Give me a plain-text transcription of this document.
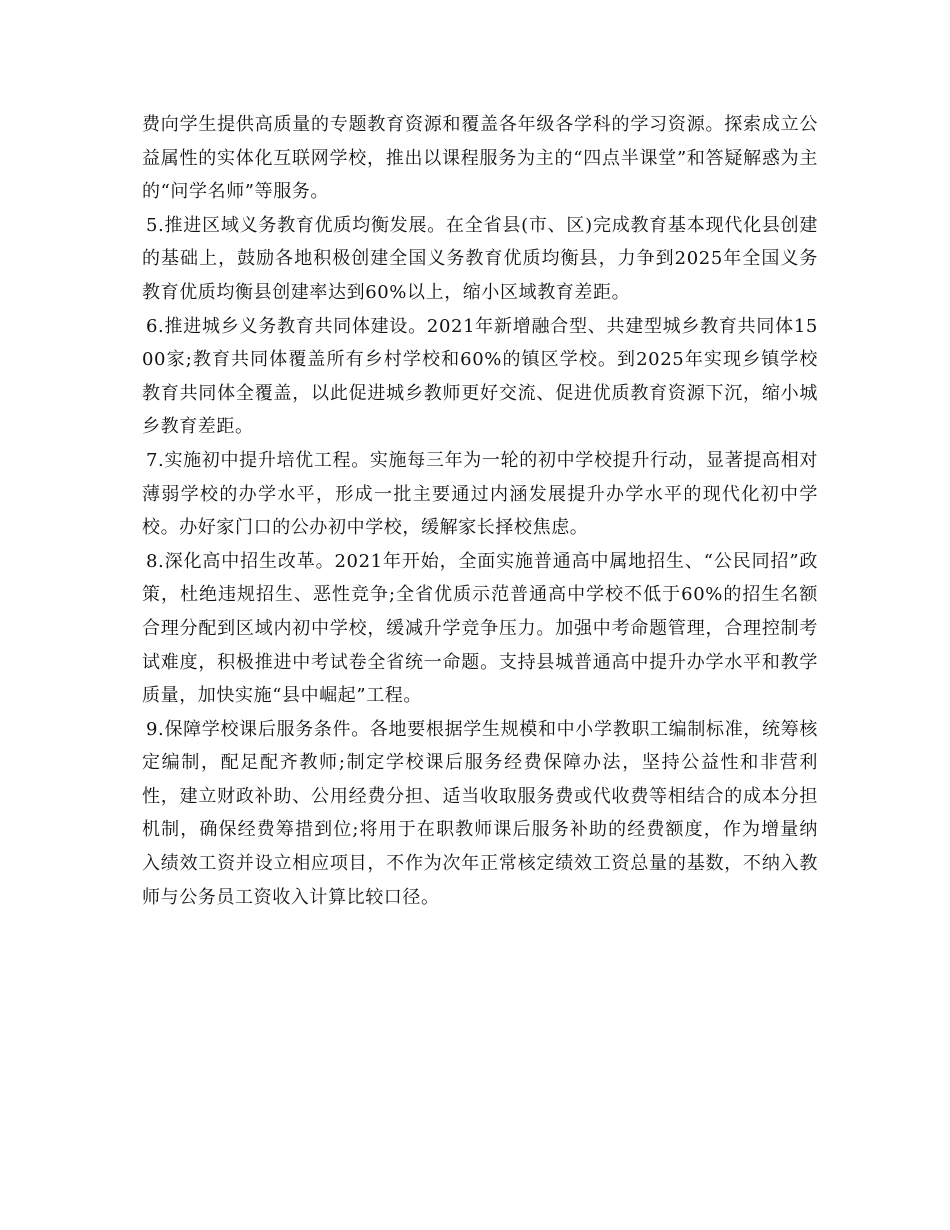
费向学生提供高质量的专题教育资源和覆盖各年级各学科的学习资源。探索成立公益属性的实体化互联网学校，推出以课程服务为主的“四点半课堂”和答疑解惑为主的“问学名师”等服务。

5.推进区域义务教育优质均衡发展。在全省县(市、区)完成教育基本现代化县创建的基础上，鼓励各地积极创建全国义务教育优质均衡县，力争到2025年全国义务教育优质均衡县创建率达到60%以上，缩小区域教育差距。

6.推进城乡义务教育共同体建设。2021年新增融合型、共建型城乡教育共同体1500家;教育共同体覆盖所有乡村学校和60%的镇区学校。到2025年实现乡镇学校教育共同体全覆盖，以此促进城乡教师更好交流、促进优质教育资源下沉，缩小城乡教育差距。

7.实施初中提升培优工程。实施每三年为一轮的初中学校提升行动，显著提高相对薄弱学校的办学水平，形成一批主要通过内涵发展提升办学水平的现代化初中学校。办好家门口的公办初中学校，缓解家长择校焦虑。

8.深化高中招生改革。2021年开始，全面实施普通高中属地招生、“公民同招”政策，杜绝违规招生、恶性竞争;全省优质示范普通高中学校不低于60%的招生名额合理分配到区域内初中学校，缓减升学竞争压力。加强中考命题管理，合理控制考试难度，积极推进中考试卷全省统一命题。支持县城普通高中提升办学水平和教学质量，加快实施“县中崛起”工程。

9.保障学校课后服务条件。各地要根据学生规模和中小学教职工编制标准，统筹核定编制，配足配齐教师;制定学校课后服务经费保障办法，坚持公益性和非营利性，建立财政补助、公用经费分担、适当收取服务费或代收费等相结合的成本分担机制，确保经费筹措到位;将用于在职教师课后服务补助的经费额度，作为增量纳入绩效工资并设立相应项目，不作为次年正常核定绩效工资总量的基数，不纳入教师与公务员工资收入计算比较口径。
